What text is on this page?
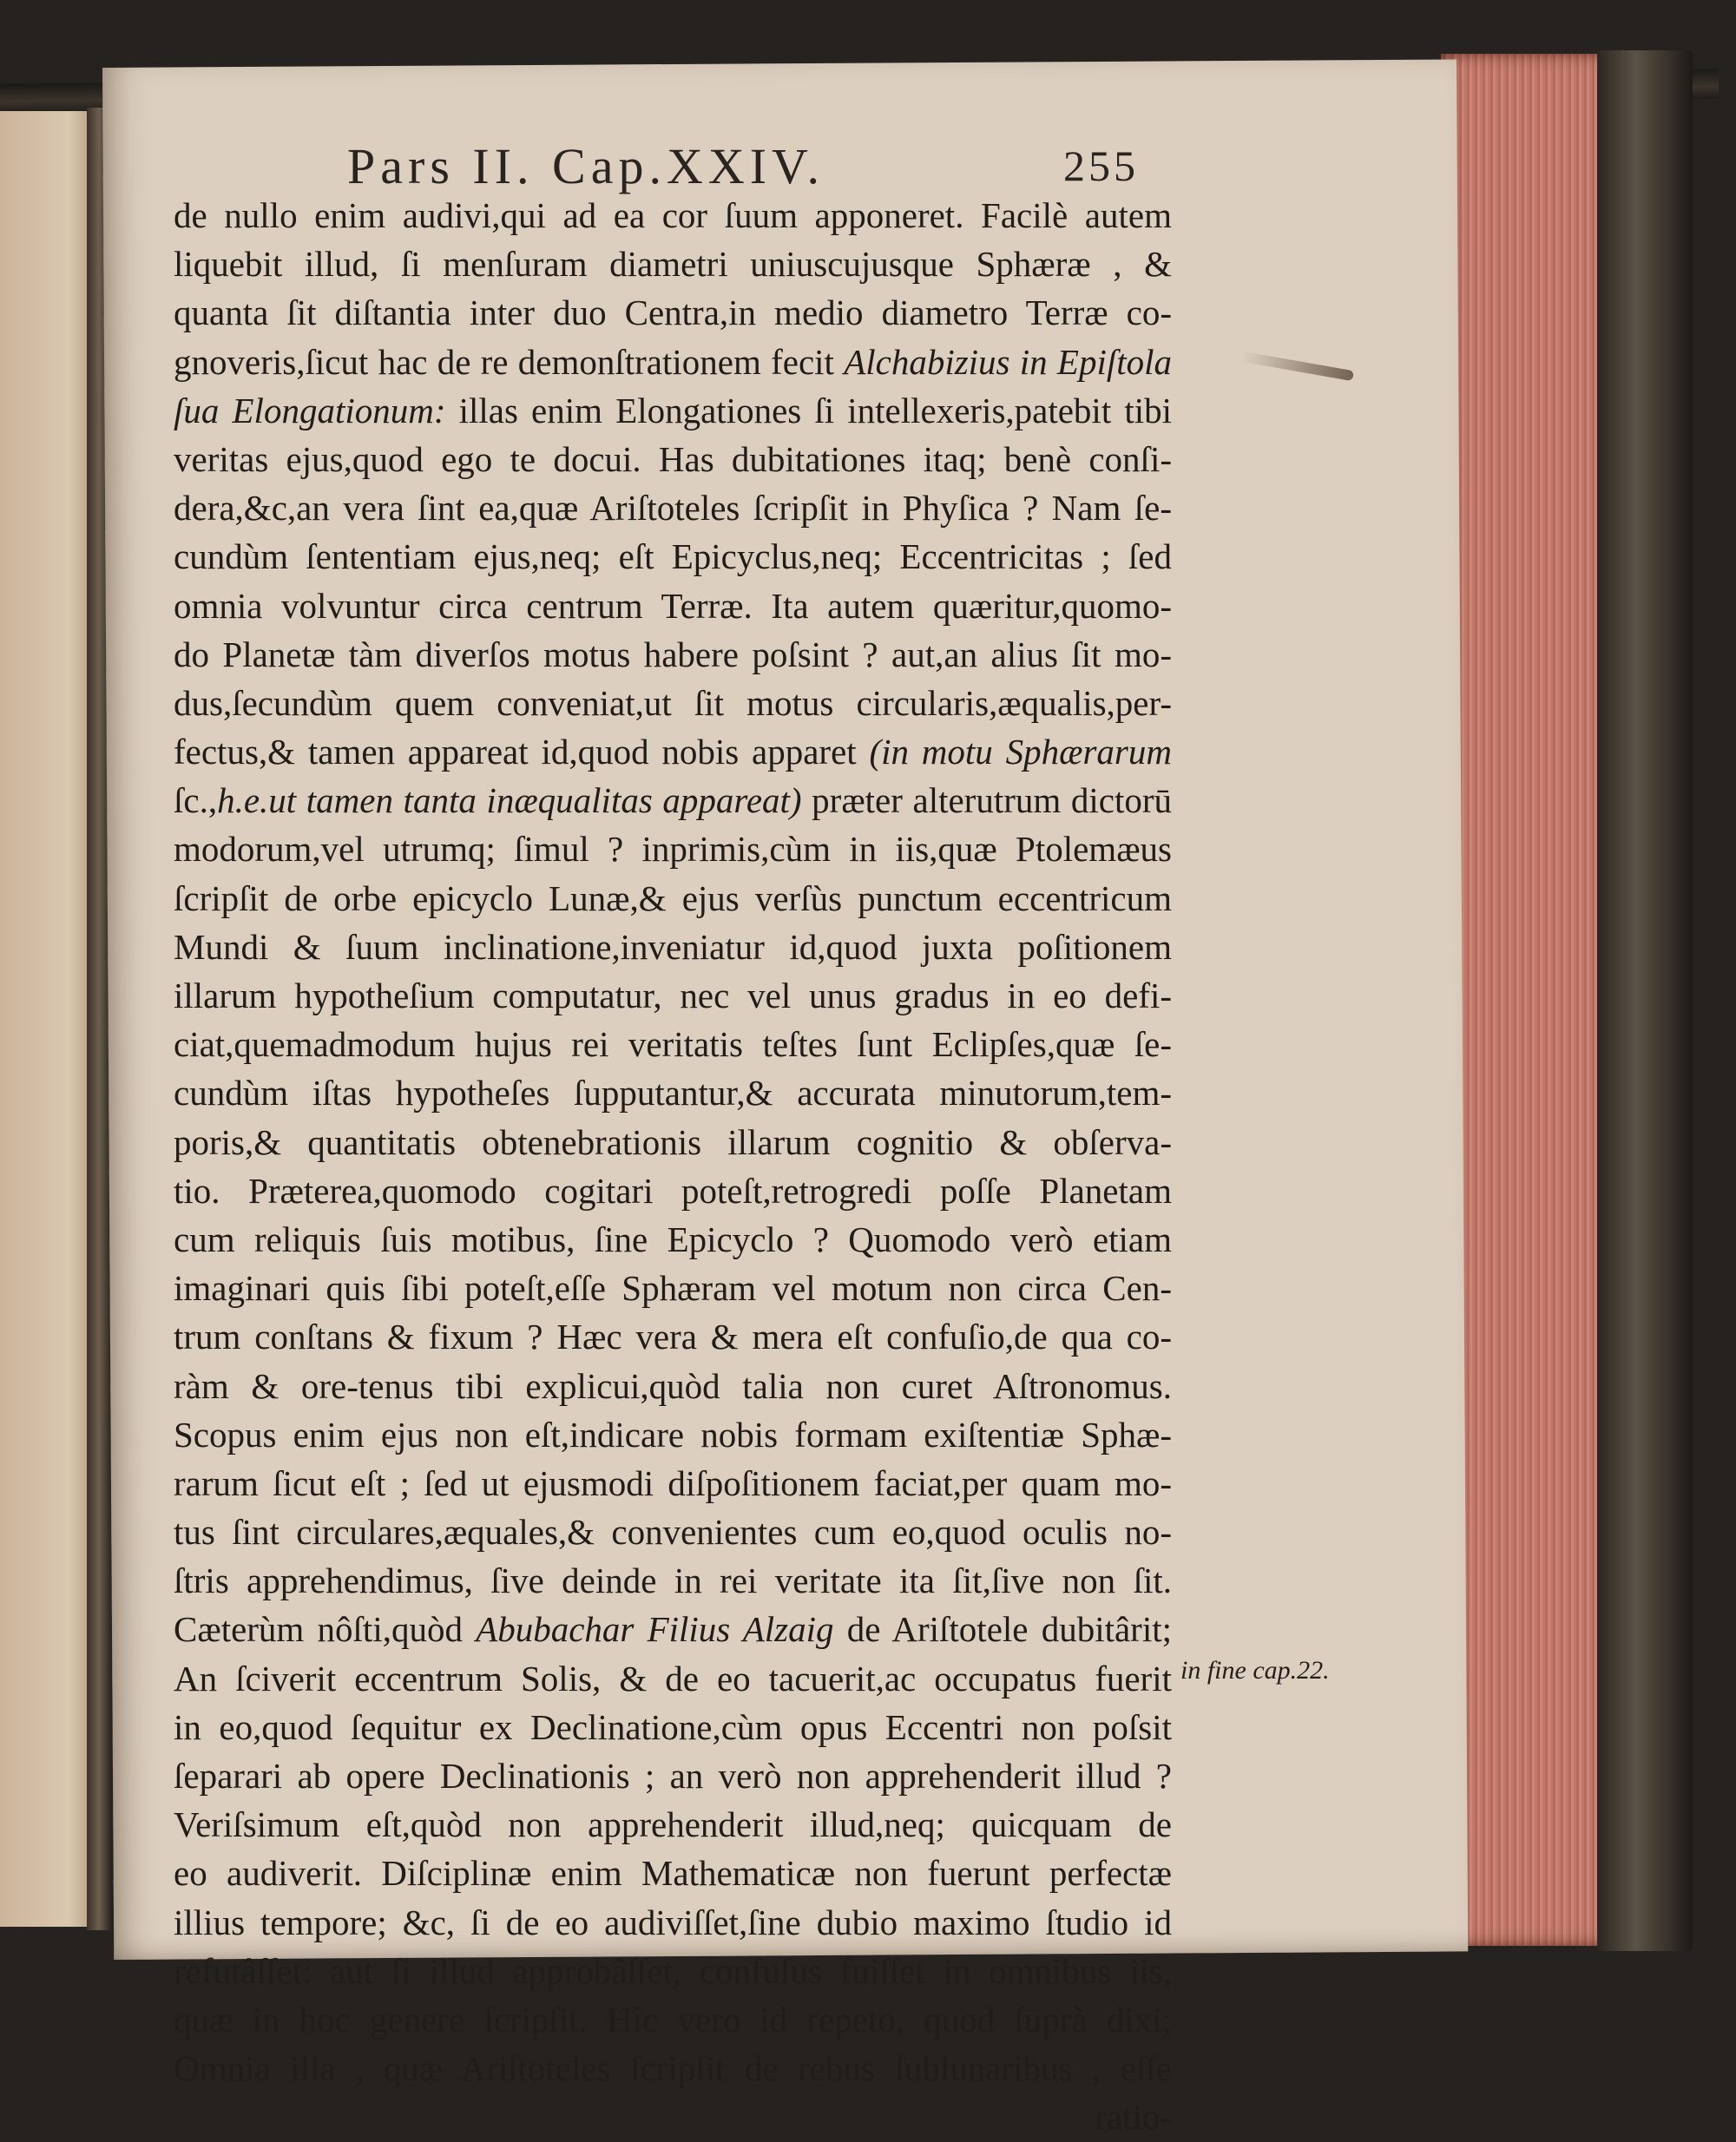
Pars II. Cap.XXIV.	255
de nullo enim audivi,qui ad ea cor ſuum apponeret. Facilè autem
liquebit illud, ſi menſuram diametri uniuscujusque Sphæræ , &
quanta ſit diſtantia inter duo Centra,in medio diametro Terræ co-
gnoveris,ſicut hac de re demonſtrationem fecit Alchabizius in Epiſtola
ſua Elongationum: illas enim Elongationes ſi intellexeris,patebit tibi
veritas ejus,quod ego te docui. Has dubitationes itaq; benè conſi-
dera,&c,an vera ſint ea,quæ Ariſtoteles ſcripſit in Phyſica ? Nam ſe-
cundùm ſententiam ejus,neq; eſt Epicyclus,neq; Eccentricitas ; ſed
omnia volvuntur circa centrum Terræ. Ita autem quæritur,quomo-
do Planetæ tàm diverſos motus habere poſsint ? aut,an alius ſit mo-
dus,ſecundùm quem conveniat,ut ſit motus circularis,æqualis,per-
fectus,& tamen appareat id,quod nobis apparet (in motu Sphærarum
ſc.,h.e.ut tamen tanta inæqualitas appareat) præter alterutrum dictorū
modorum,vel utrumq; ſimul ? inprimis,cùm in iis,quæ Ptolemæus
ſcripſit de orbe epicyclo Lunæ,& ejus verſùs punctum eccentricum
Mundi & ſuum inclinatione,inveniatur id,quod juxta poſitionem
illarum hypotheſium computatur, nec vel unus gradus in eo defi-
ciat,quemadmodum hujus rei veritatis teſtes ſunt Eclipſes,quæ ſe-
cundùm iſtas hypotheſes ſupputantur,& accurata minutorum,tem-
poris,& quantitatis obtenebrationis illarum cognitio & obſerva-
tio. Præterea,quomodo cogitari poteſt,retrogredi poſſe Planetam
cum reliquis ſuis motibus, ſine Epicyclo ? Quomodo verò etiam
imaginari quis ſibi poteſt,eſſe Sphæram vel motum non circa Cen-
trum conſtans & fixum ? Hæc vera & mera eſt confuſio,de qua co-
ràm & ore-tenus tibi explicui,quòd talia non curet Aſtronomus.
Scopus enim ejus non eſt,indicare nobis formam exiſtentiæ Sphæ-
rarum ſicut eſt ; ſed ut ejusmodi diſpoſitionem faciat,per quam mo-
tus ſint circulares,æquales,& convenientes cum eo,quod oculis no-
ſtris apprehendimus, ſive deinde in rei veritate ita ſit,ſive non ſit.
Cæterùm nôſti,quòd Abubachar Filius Alzaig de Ariſtotele dubitârit;
An ſciverit eccentrum Solis, & de eo tacuerit,ac occupatus fuerit
in eo,quod ſequitur ex Declinatione,cùm opus Eccentri non poſsit
ſeparari ab opere Declinationis ; an verò non apprehenderit illud ?
Veriſsimum eſt,quòd non apprehenderit illud,neq; quicquam de
eo audiverit. Diſciplinæ enim Mathematicæ non fuerunt perfectæ
illius tempore; &c, ſi de eo audiviſſet,ſine dubio maximo ſtudio id
refutâſſet: aut ſi illud approbâſſet, confuſus fuiſſet in omnibus iis,
quæ in hoc genere ſcripſit. Hîc vero id repeto, quod ſuprà dixi;
Omnia illa , quæ Ariſtoteles ſcripſit de rebus ſublunaribus , eſſe
ratio-
in fine cap.22.
